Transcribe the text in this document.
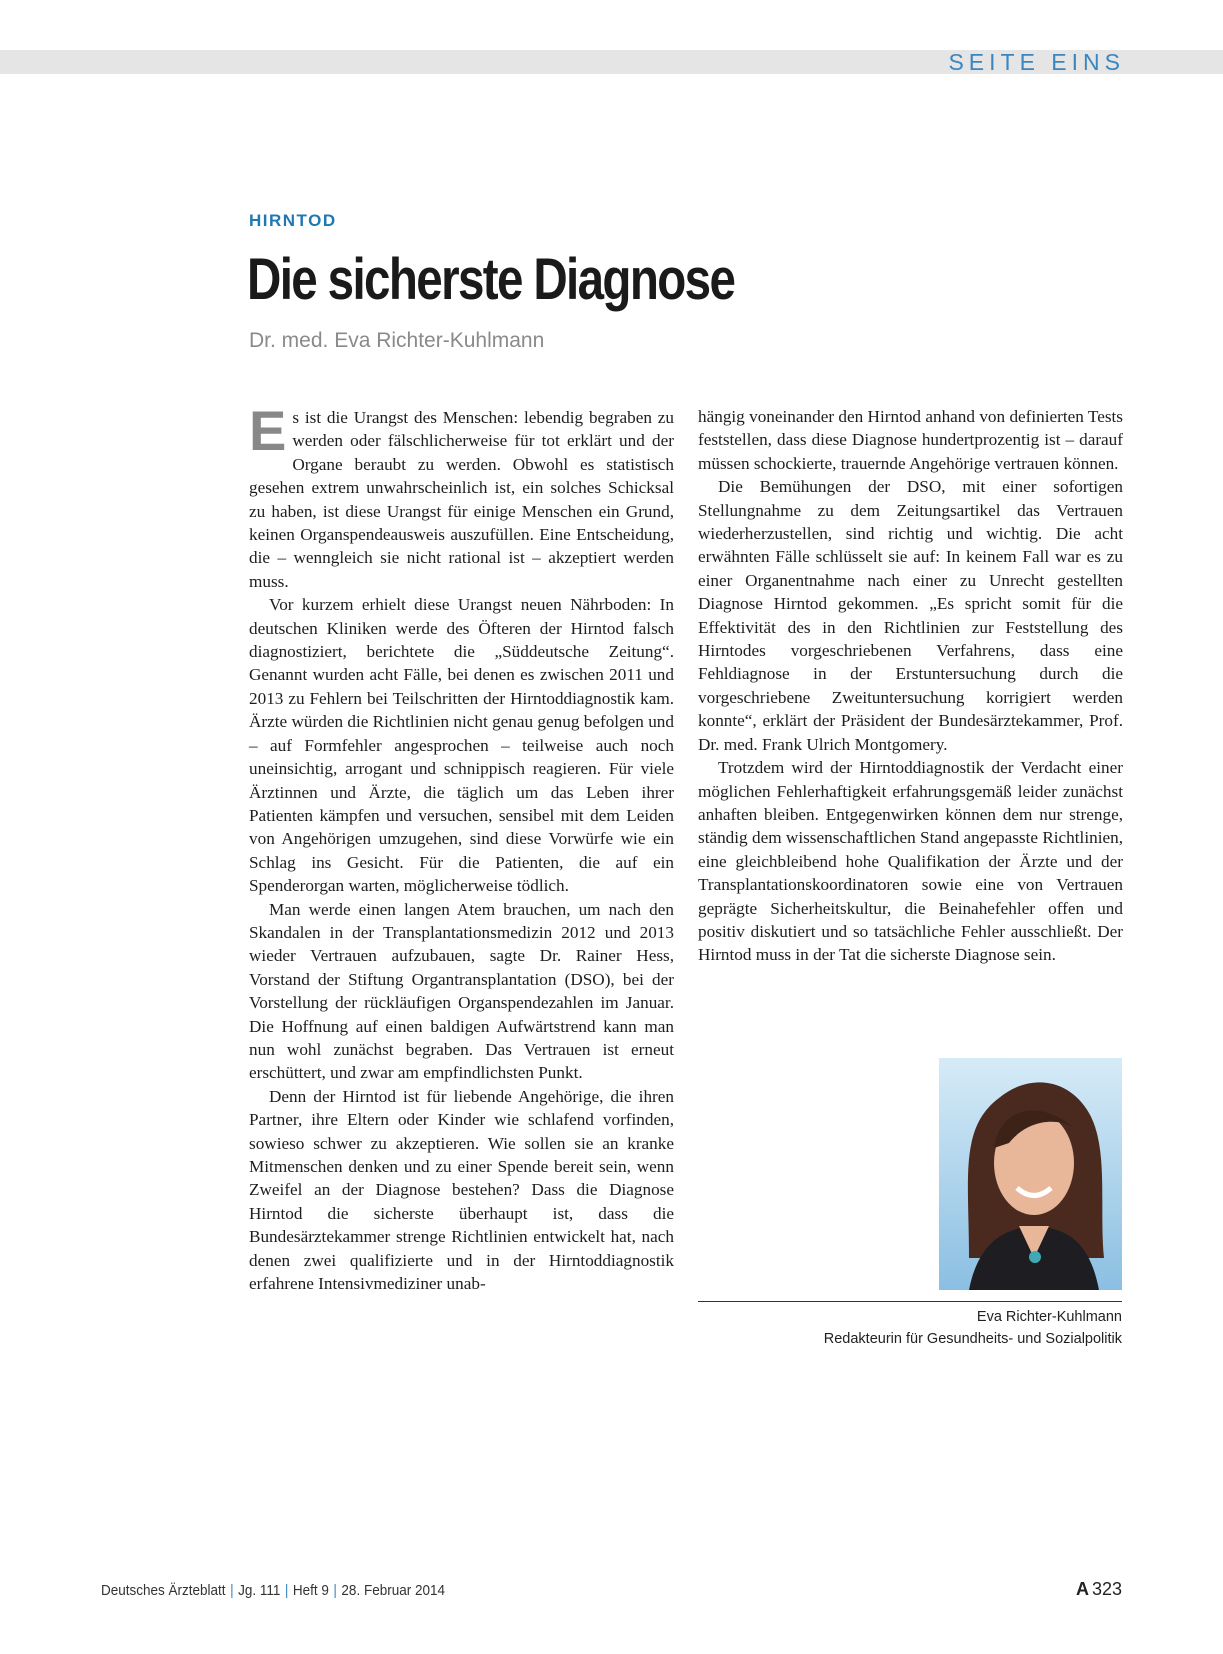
SEITE EINS
HIRNTOD
Die sicherste Diagnose
Dr. med. Eva Richter-Kuhlmann

Es ist die Urangst des Menschen: lebendig begraben zu werden oder fälschlicherweise für tot erklärt und der Organe beraubt zu werden. Obwohl es statistisch gesehen extrem unwahrscheinlich ist, ein solches Schicksal zu haben, ist diese Urangst für einige Menschen ein Grund, keinen Organspendeausweis auszufüllen. Eine Entscheidung, die – wenngleich sie nicht rational ist – akzeptiert werden muss.

Vor kurzem erhielt diese Urangst neuen Nährboden: In deutschen Kliniken werde des Öfteren der Hirntod falsch diagnostiziert, berichtete die „Süddeutsche Zeitung“. Genannt wurden acht Fälle, bei denen es zwischen 2011 und 2013 zu Fehlern bei Teilschritten der Hirntoddiagnostik kam. Ärzte würden die Richtlinien nicht genau genug befolgen und – auf Formfehler angesprochen – teilweise auch noch uneinsichtig, arrogant und schnippisch reagieren. Für viele Ärztinnen und Ärzte, die täglich um das Leben ihrer Patienten kämpfen und versuchen, sensibel mit dem Leiden von Angehörigen umzugehen, sind diese Vorwürfe wie ein Schlag ins Gesicht. Für die Patienten, die auf ein Spenderorgan warten, möglicherweise tödlich.

Man werde einen langen Atem brauchen, um nach den Skandalen in der Transplantationsmedizin 2012 und 2013 wieder Vertrauen aufzubauen, sagte Dr. Rainer Hess, Vorstand der Stiftung Organtransplantation (DSO), bei der Vorstellung der rückläufigen Organspendezahlen im Januar. Die Hoffnung auf einen baldigen Aufwärtstrend kann man nun wohl zunächst begraben. Das Vertrauen ist erneut erschüttert, und zwar am empfindlichsten Punkt.

Denn der Hirntod ist für liebende Angehörige, die ihren Partner, ihre Eltern oder Kinder wie schlafend vorfinden, sowieso schwer zu akzeptieren. Wie sollen sie an kranke Mitmenschen denken und zu einer Spende bereit sein, wenn Zweifel an der Diagnose bestehen? Dass die Diagnose Hirntod die sicherste überhaupt ist, dass die Bundesärztekammer strenge Richtlinien entwickelt hat, nach denen zwei qualifizierte und in der Hirntoddiagnostik erfahrene Intensivmediziner unab-

hängig voneinander den Hirntod anhand von definierten Tests feststellen, dass diese Diagnose hundertprozentig ist – darauf müssen schockierte, trauernde Angehörige vertrauen können.

Die Bemühungen der DSO, mit einer sofortigen Stellungnahme zu dem Zeitungsartikel das Vertrauen wiederherzustellen, sind richtig und wichtig. Die acht erwähnten Fälle schlüsselt sie auf: In keinem Fall war es zu einer Organentnahme nach einer zu Unrecht gestellten Diagnose Hirntod gekommen. „Es spricht somit für die Effektivität des in den Richtlinien zur Feststellung des Hirntodes vorgeschriebenen Verfahrens, dass eine Fehldiagnose in der Erstuntersuchung durch die vorgeschriebene Zweituntersuchung korrigiert werden konnte“, erklärt der Präsident der Bundesärztekammer, Prof. Dr. med. Frank Ulrich Montgomery.

Trotzdem wird der Hirntoddiagnostik der Verdacht einer möglichen Fehlerhaftigkeit erfahrungsgemäß leider zunächst anhaften bleiben. Entgegenwirken können dem nur strenge, ständig dem wissenschaftlichen Stand angepasste Richtlinien, eine gleichbleibend hohe Qualifikation der Ärzte und der Transplantationskoordinatoren sowie eine von Vertrauen geprägte Sicherheitskultur, die Beinahefehler offen und positiv diskutiert und so tatsächliche Fehler ausschließt. Der Hirntod muss in der Tat die sicherste Diagnose sein.

Eva Richter-Kuhlmann
Redakteurin für Gesundheits- und Sozialpolitik
Deutsches Ärzteblatt | Jg. 111 | Heft 9 | 28. Februar 2014	A 323
